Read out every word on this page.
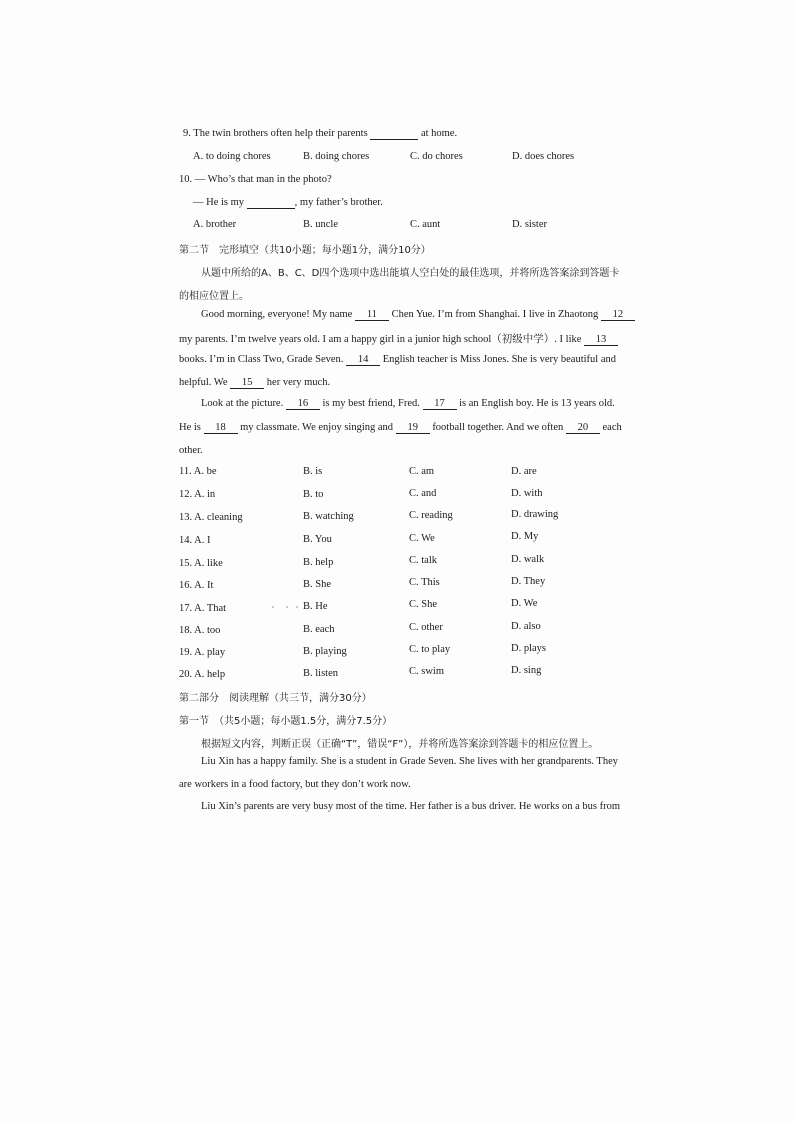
9. The twin brothers often help their parents	at home.
A. to doing chores	B. doing chores	C. do chores	D. does chores
10. — Who’s that man in the photo?
— He is my	, my father’s brother.
A. brother	B. uncle	C. aunt	D. sister
第二节　完形填空（共10小题；每小题1分，满分10分）
从题中所给的A、B、C、D四个选项中选出能填人空白处的最佳选项，并将所选答案涂到答题卡
的相应位置上。
Good morning, everyone! My name 11 Chen Yue. I’m from Shanghai. I live in Zhaotong 12
my parents. I’m twelve years old. I am a happy girl in a junior high school（初级中学）. I like 13
books. I’m in Class Two, Grade Seven. 14 English teacher is Miss Jones. She is very beautiful and
helpful. We 15 her very much.
Look at the picture. 16 is my best friend, Fred. 17 is an English boy. He is 13 years old.
He is 18 my classmate. We enjoy singing and 19 football together. And we often 20 each
other.
11. A. be	B. is	C. am	D. are
12. A. in	B. to	C. and	D. with
13. A. cleaning	B. watching	C. reading	D. drawing
14. A. I	B. You	C. We	D. My
15. A. like	B. help	C. talk	D. walk
16. A. It	B. She	C. This	D. They
17. A. That	B. He	C. She	D. We
18. A. too	B. each	C. other	D. also
19. A. play	B. playing	C. to play	D. plays
20. A. help	B. listen	C. swim	D. sing
第二部分　阅读理解（共三节，满分30分）
第一节　（共5小题；每小题1.5分，满分7.5分）
根据短文内容，判断正误（正确“T”，错误“F”），并将所选答案涂到答题卡的相应位置上。
Liu Xin has a happy family. She is a student in Grade Seven. She lives with her grandparents. They
are workers in a food factory, but they don’t work now.
Liu Xin’s parents are very busy most of the time. Her father is a bus driver. He works on a bus from
